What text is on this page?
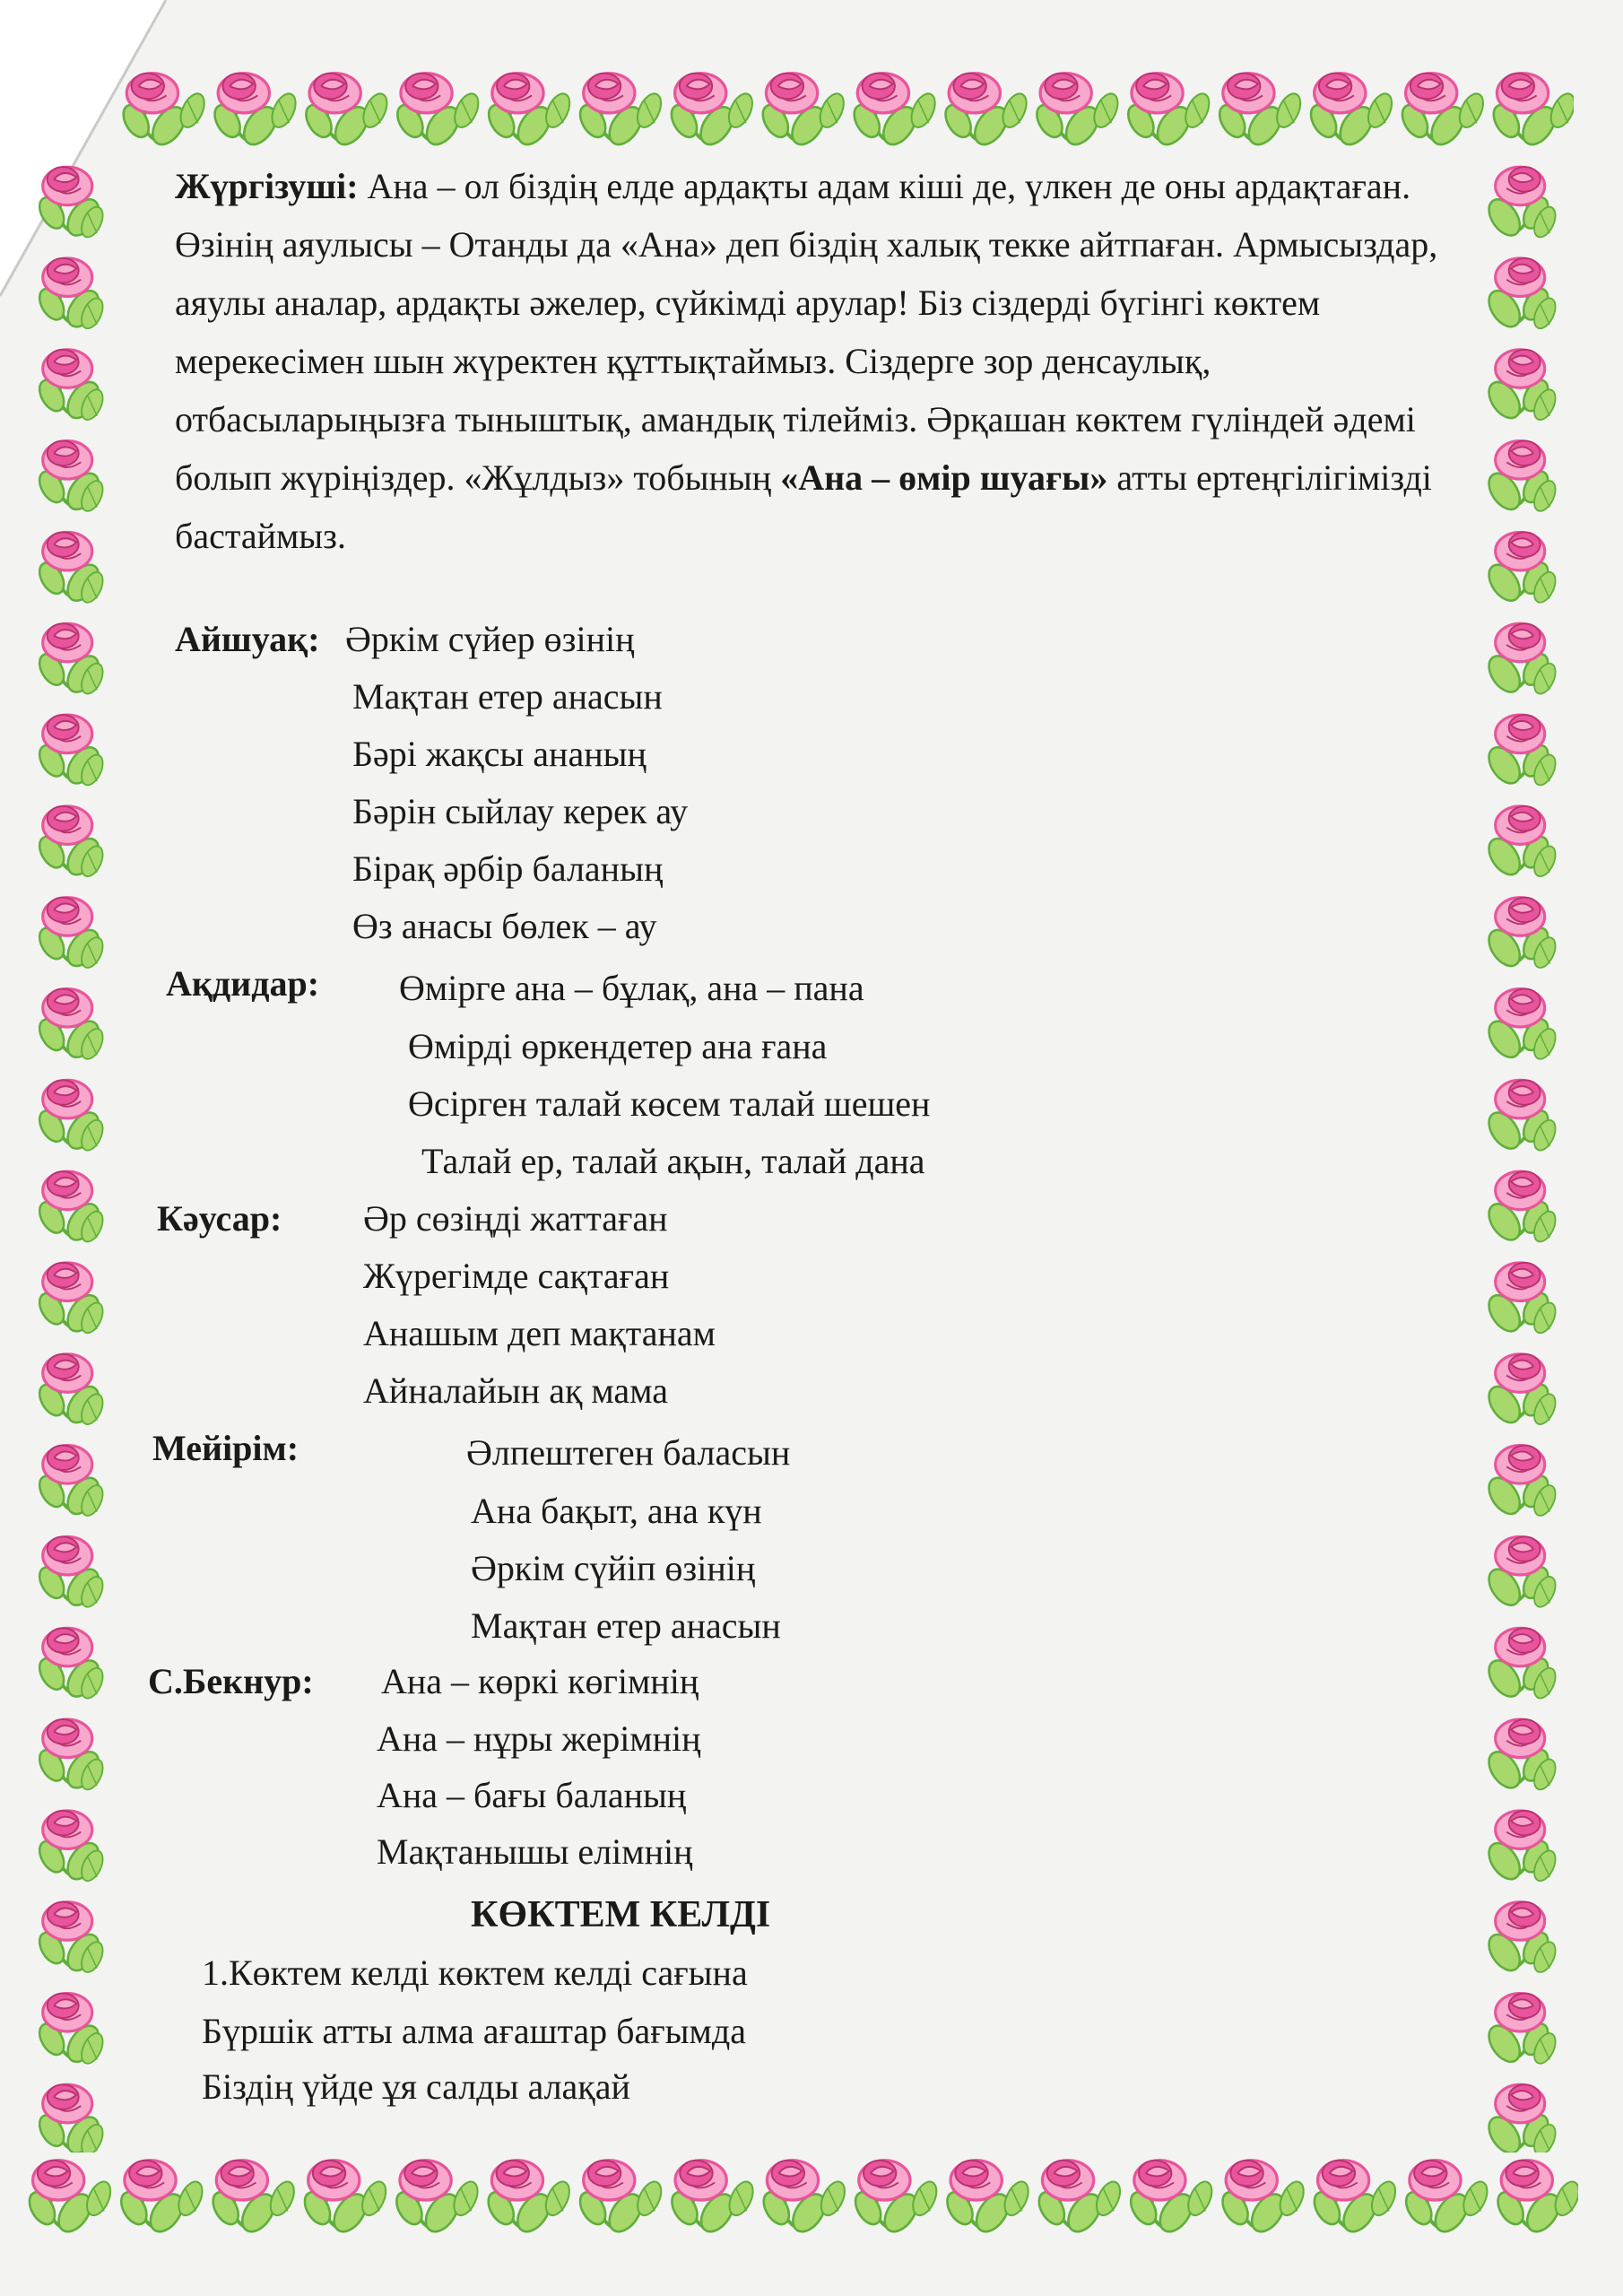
Жүргізуші: Ана – ол біздің елде ардақты адам кіші де, үлкен де оны ардақтаған. Өзінің аяулысы – Отанды да «Ана» деп біздің халық текке айтпаған. Армысыздар, аяулы аналар, ардақты әжелер, сүйкімді арулар! Біз сіздерді бүгінгі көктем мерекесімен шын жүректен құттықтаймыз. Сіздерге зор денсаулық, отбасыларыңызға тыныштық, амандық тілейміз. Әрқашан көктем гүліндей әдемі болып жүріңіздер. «Жұлдыз» тобының «Ана – өмір шуағы» атты ертеңгілігімізді бастаймыз.

Айшуақ: Әркім сүйер өзінің
Мақтан етер анасын
Бәрі жақсы ананың
Бәрін сыйлау керек ау
Бірақ әрбір баланың
Өз анасы бөлек – ау
Ақдидар: Өмірге ана – бұлақ, ана – пана
Өмірді өркендетер ана ғана
Өсірген талай көсем талай шешен
Талай ер, талай ақын, талай дана
Кәусар: Әр сөзіңді жаттаған
Жүрегімде сақтаған
Анашым деп мақтанам
Айналайын ақ мама
Мейірім:	Әлпештеген баласын
Ана бақыт, ана күн
Әркім сүйіп өзінің
Мақтан етер анасын
С.Бекнур: Ана – көркі көгімнің
Ана – нұры жерімнің
Ана – бағы баланың
Мақтанышы елімнің
КӨКТЕМ КЕЛДІ
1.Көктем келді көктем келді сағына
Бүршік атты алма ағаштар бағымда
Біздің үйде ұя салды алақай
